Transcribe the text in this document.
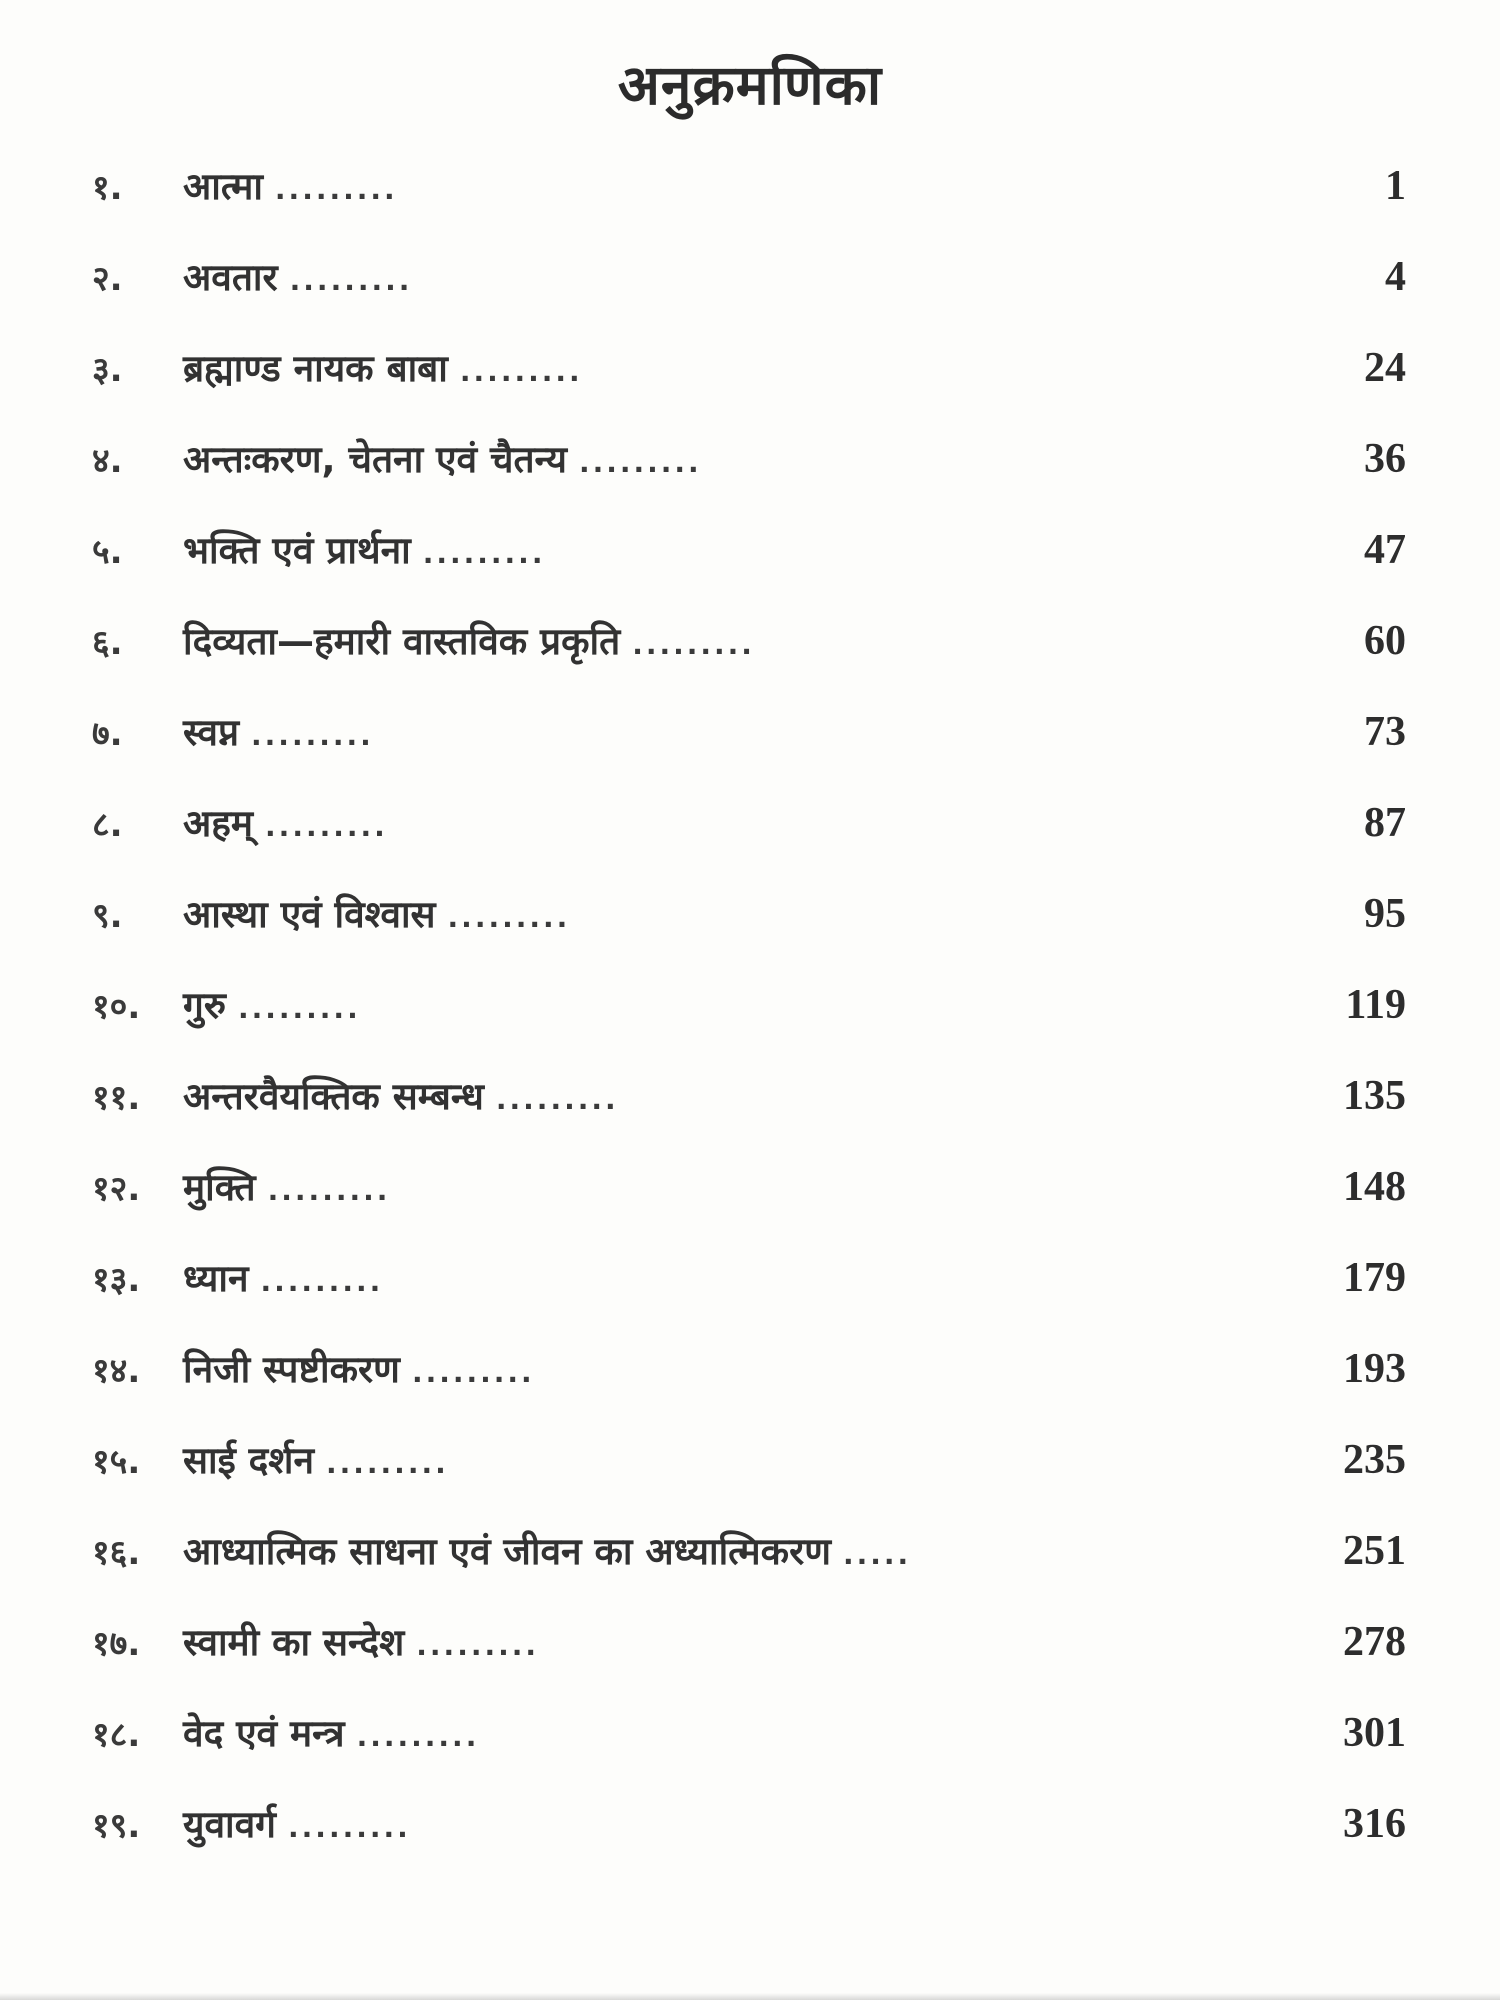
अनुक्रमणिका
१.	आत्मा .........	1
२.	अवतार .........	4
३.	ब्रह्माण्ड नायक बाबा .........	24
४.	अन्तःकरण, चेतना एवं चैतन्य .........	36
५.	भक्ति एवं प्रार्थना .........	47
६.	दिव्यता—हमारी वास्तविक प्रकृति .........	60
७.	स्वप्न .........	73
८.	अहम् .........	87
९.	आस्था एवं विश्वास .........	95
१०.	गुरु .........	119
११.	अन्तरवैयक्तिक सम्बन्ध .........	135
१२.	मुक्ति .........	148
१३.	ध्यान .........	179
१४.	निजी स्पष्टीकरण .........	193
१५.	साई दर्शन .........	235
१६.	आध्यात्मिक साधना एवं जीवन का अध्यात्मिकरण .....	251
१७.	स्वामी का सन्देश .........	278
१८.	वेद एवं मन्त्र .........	301
१९.	युवावर्ग .........	316
